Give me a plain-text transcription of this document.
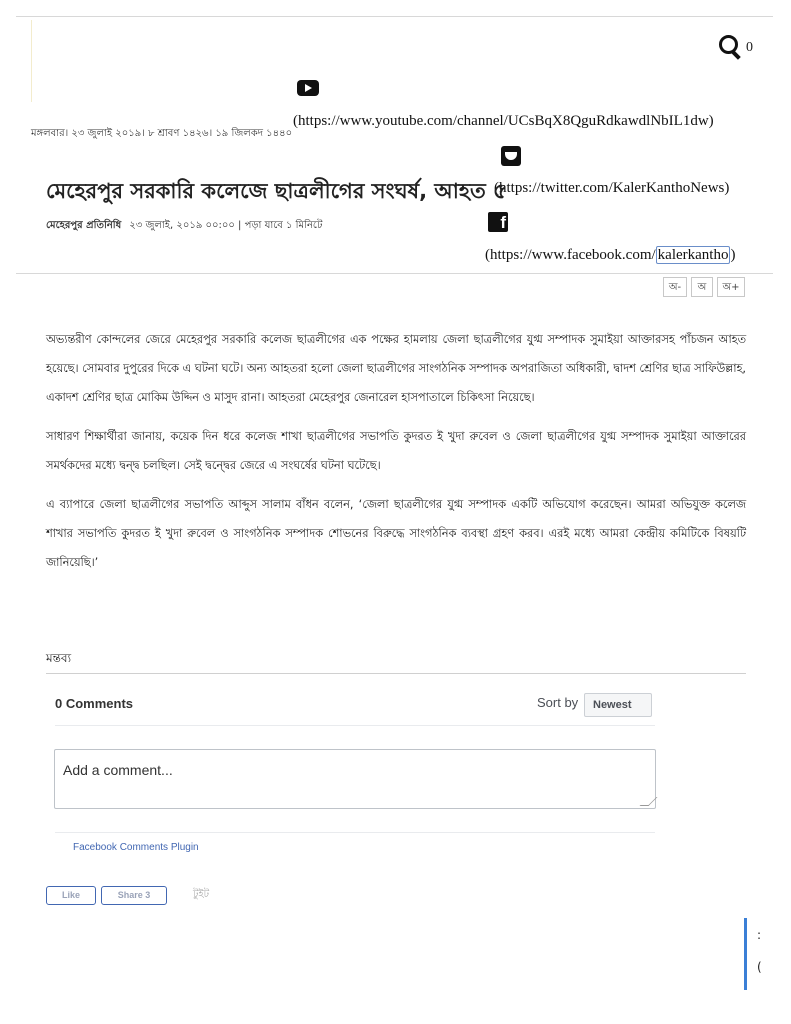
0
(https://www.youtube.com/channel/UCsBqX8QguRdkawdlNbIL1dw)
(https://twitter.com/KalerKanthoNews)
f
(https://www.facebook.com/ kalerkantho )
মঙ্গলবার। ২৩ জুলাই ২০১৯। ৮ শ্রাবণ ১৪২৬। ১৯ জিলকদ ১৪৪০
মেহেরপুর সরকারি কলেজে ছাত্রলীগের সংঘর্ষ, আহত ৫
মেহেরপুর প্রতিনিধি ২৩ জুলাই, ২০১৯ ০০:০০ | পড়া যাবে ১ মিনিটে
অ-	অ	অ+

অভ্যন্তরীণ কোন্দলের জেরে মেহেরপুর সরকারি কলেজ ছাত্রলীগের এক পক্ষের হামলায় জেলা ছাত্রলীগের যুগ্ম সম্পাদক সুমাইয়া আক্তারসহ পাঁচজন আহত হয়েছে। সোমবার দুপুরের দিকে এ ঘটনা ঘটে। অন্য আহতরা হলো জেলা ছাত্রলীগের সাংগঠনিক সম্পাদক অপরাজিতা অধিকারী, দ্বাদশ শ্রেণির ছাত্র সাফিউল্লাহ, একাদশ শ্রেণির ছাত্র মোকিম উদ্দিন ও মাসুদ রানা। আহতরা মেহেরপুর জেনারেল হাসপাতালে চিকিৎসা নিয়েছে।

সাধারণ শিক্ষার্থীরা জানায়, কয়েক দিন ধরে কলেজ শাখা ছাত্রলীগের সভাপতি কুদরত ই খুদা রুবেল ও জেলা ছাত্রলীগের যুগ্ম সম্পাদক সুমাইয়া আক্তারের সমর্থকদের মধ্যে দ্বন্দ্ব চলছিল। সেই দ্বন্দ্বের জেরে এ সংঘর্ষের ঘটনা ঘটেছে।

এ ব্যাপারে জেলা ছাত্রলীগের সভাপতি আব্দুস সালাম বাঁধন বলেন, ‘জেলা ছাত্রলীগের যুগ্ম সম্পাদক একটি অভিযোগ করেছেন। আমরা অভিযুক্ত কলেজ শাখার সভাপতি কুদরত ই খুদা রুবেল ও সাংগঠনিক সম্পাদক শোভনের বিরুদ্ধে সাংগঠনিক ব্যবস্থা গ্রহণ করব। এরই মধ্যে আমরা কেন্দ্রীয় কমিটিকে বিষয়টি জানিয়েছি।’

মন্তব্য
0 Comments	Sort by	Newest
Add a comment...
Facebook Comments Plugin
Like	Share 3	টুইট
:
(
